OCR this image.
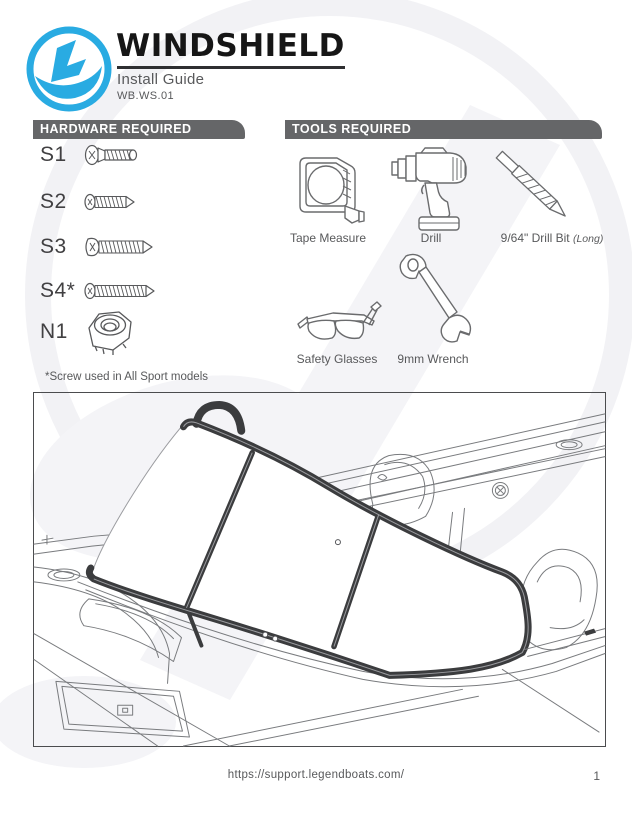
WINDSHIELD
Install Guide
WB.WS.01
HARDWARE REQUIRED	TOOLS REQUIRED
S1
S2
S3
S4*
N1
*Screw used in All Sport models
Tape Measure	Drill	9/64" Drill Bit (Long)
Safety Glasses	9mm Wrench
https://support.legendboats.com/	1
